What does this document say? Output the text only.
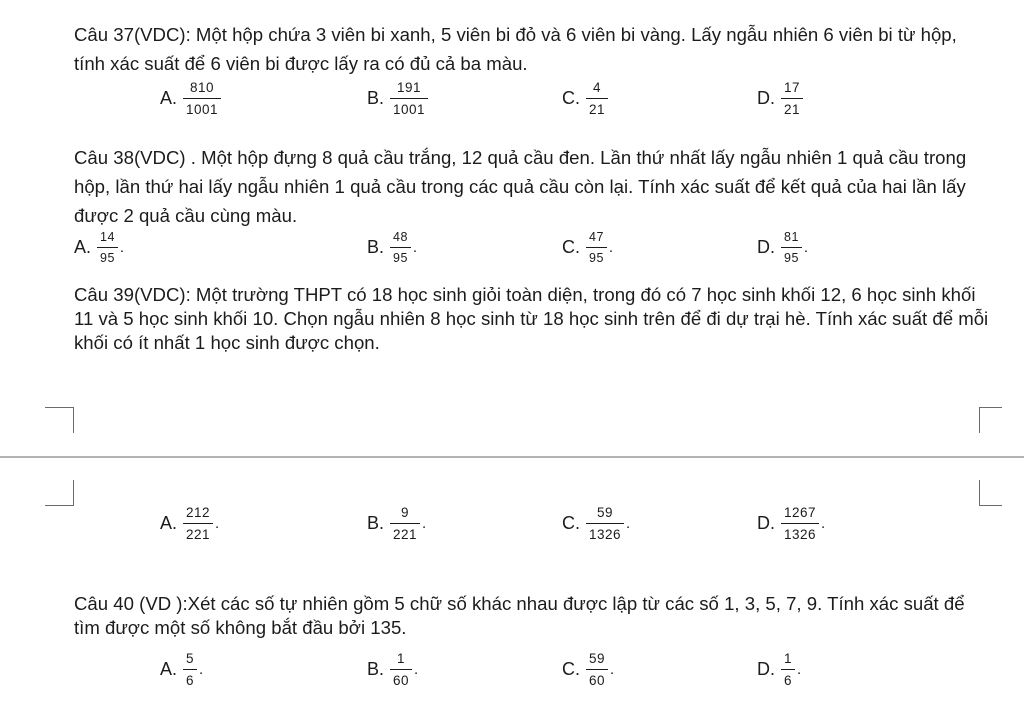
Câu 37(VDC): Một hộp chứa 3 viên bi xanh, 5 viên bi đỏ và 6 viên bi vàng. Lấy ngẫu nhiên 6 viên bi từ hộp, tính xác suất để 6 viên bi được lấy ra có đủ cả ba màu.

A. $\frac{810}{1001}$	B. $\frac{191}{1001}$	C. $\frac{4}{21}$	D. $\frac{17}{21}$

Câu 38(VDC) . Một hộp đựng 8 quả cầu trắng, 12 quả cầu đen. Lần thứ nhất lấy ngẫu nhiên 1 quả cầu trong hộp, lần thứ hai lấy ngẫu nhiên 1 quả cầu trong các quả cầu còn lại. Tính xác suất để kết quả của hai lần lấy được 2 quả cầu cùng màu.

A. $\frac{14}{95}$ .	B. $\frac{48}{95}$ .	C. $\frac{47}{95}$ .	D. $\frac{81}{95}$ .

Câu 39(VDC): Một trường THPT có 18 học sinh giỏi toàn diện, trong đó có 7 học sinh khối 12, 6 học sinh khối 11 và 5 học sinh khối 10. Chọn ngẫu nhiên 8 học sinh từ 18 học sinh trên để đi dự trại hè. Tính xác suất để mỗi khối có ít nhất 1 học sinh được chọn.

A. $\frac{212}{221}$ .	B. $\frac{9}{221}$ .	C. $\frac{59}{1326}$ .	D. $\frac{1267}{1326}$ .

Câu 40 (VD ):Xét các số tự nhiên gồm 5 chữ số khác nhau được lập từ các số 1, 3, 5, 7, 9. Tính xác suất để tìm được một số không bắt đầu bởi 135.

A. $\frac{5}{6}$ .	B. $\frac{1}{60}$ .	C. $\frac{59}{60}$ .	D. $\frac{1}{6}$ .
